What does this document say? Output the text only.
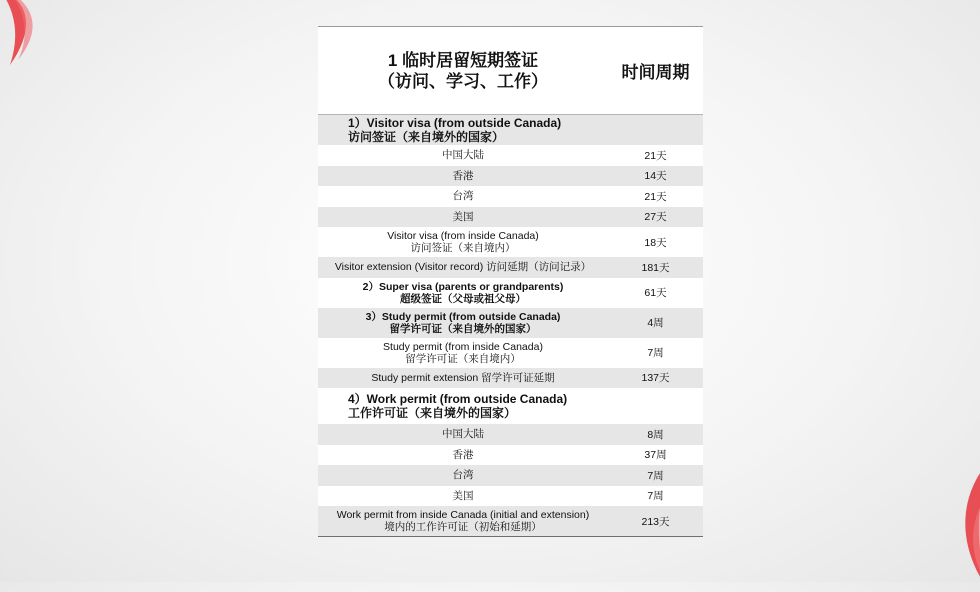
1 临时居留短期签证
（访问、学习、工作）	时间周期
1）Visitor visa (from outside Canada)
访问签证（来自境外的国家）
中国大陆	21天
香港	14天
台湾	21天
美国	27天
Visitor visa (from inside Canada)
访问签证（来自境内）	18天
Visitor extension (Visitor record) 访问延期（访问记录）	181天
2）Super visa (parents or grandparents)
超级签证（父母或祖父母）	61天
3）Study permit (from outside Canada)
留学许可证（来自境外的国家）	4周
Study permit (from inside Canada)
留学许可证（来自境内）	7周
Study permit extension 留学许可证延期	137天
4）Work permit (from outside Canada)
工作许可证（来自境外的国家）
中国大陆	8周
香港	37周
台湾	7周
美国	7周
Work permit from inside Canada (initial and extension)
境内的工作许可证（初始和延期）	213天
